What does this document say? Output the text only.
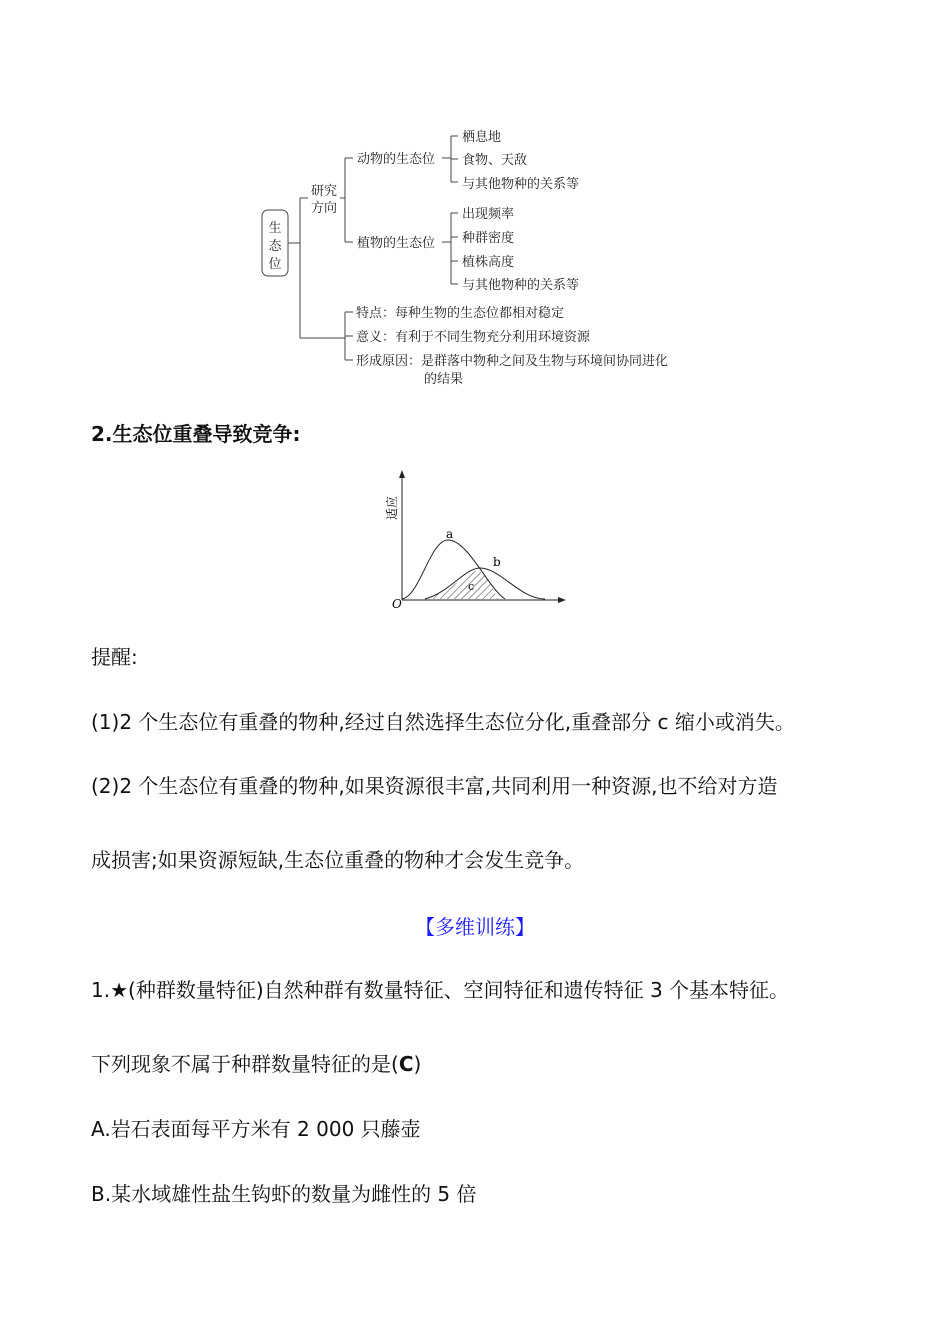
生
态
位
研究
方向
动物的生态位
植物的生态位
栖息地
食物、天敌
与其他物种的关系等
出现频率
种群密度
植株高度
与其他物种的关系等
特点：每种生物的生态位都相对稳定
意义：有利于不同生物充分利用环境资源
形成原因：是群落中物种之间及生物与环境间协同进化
的结果
2.生态位重叠导致竞争:
适应
O
a
b
c
提醒:
(1)2 个生态位有重叠的物种,经过自然选择生态位分化,重叠部分 c 缩小或消失。
(2)2 个生态位有重叠的物种,如果资源很丰富,共同利用一种资源,也不给对方造
成损害;如果资源短缺,生态位重叠的物种才会发生竞争。
【多维训练】
1.★(种群数量特征)自然种群有数量特征、空间特征和遗传特征 3 个基本特征。
下列现象不属于种群数量特征的是(C)
A.岩石表面每平方米有 2 000 只藤壶
B.某水域雄性盐生钩虾的数量为雌性的 5 倍
